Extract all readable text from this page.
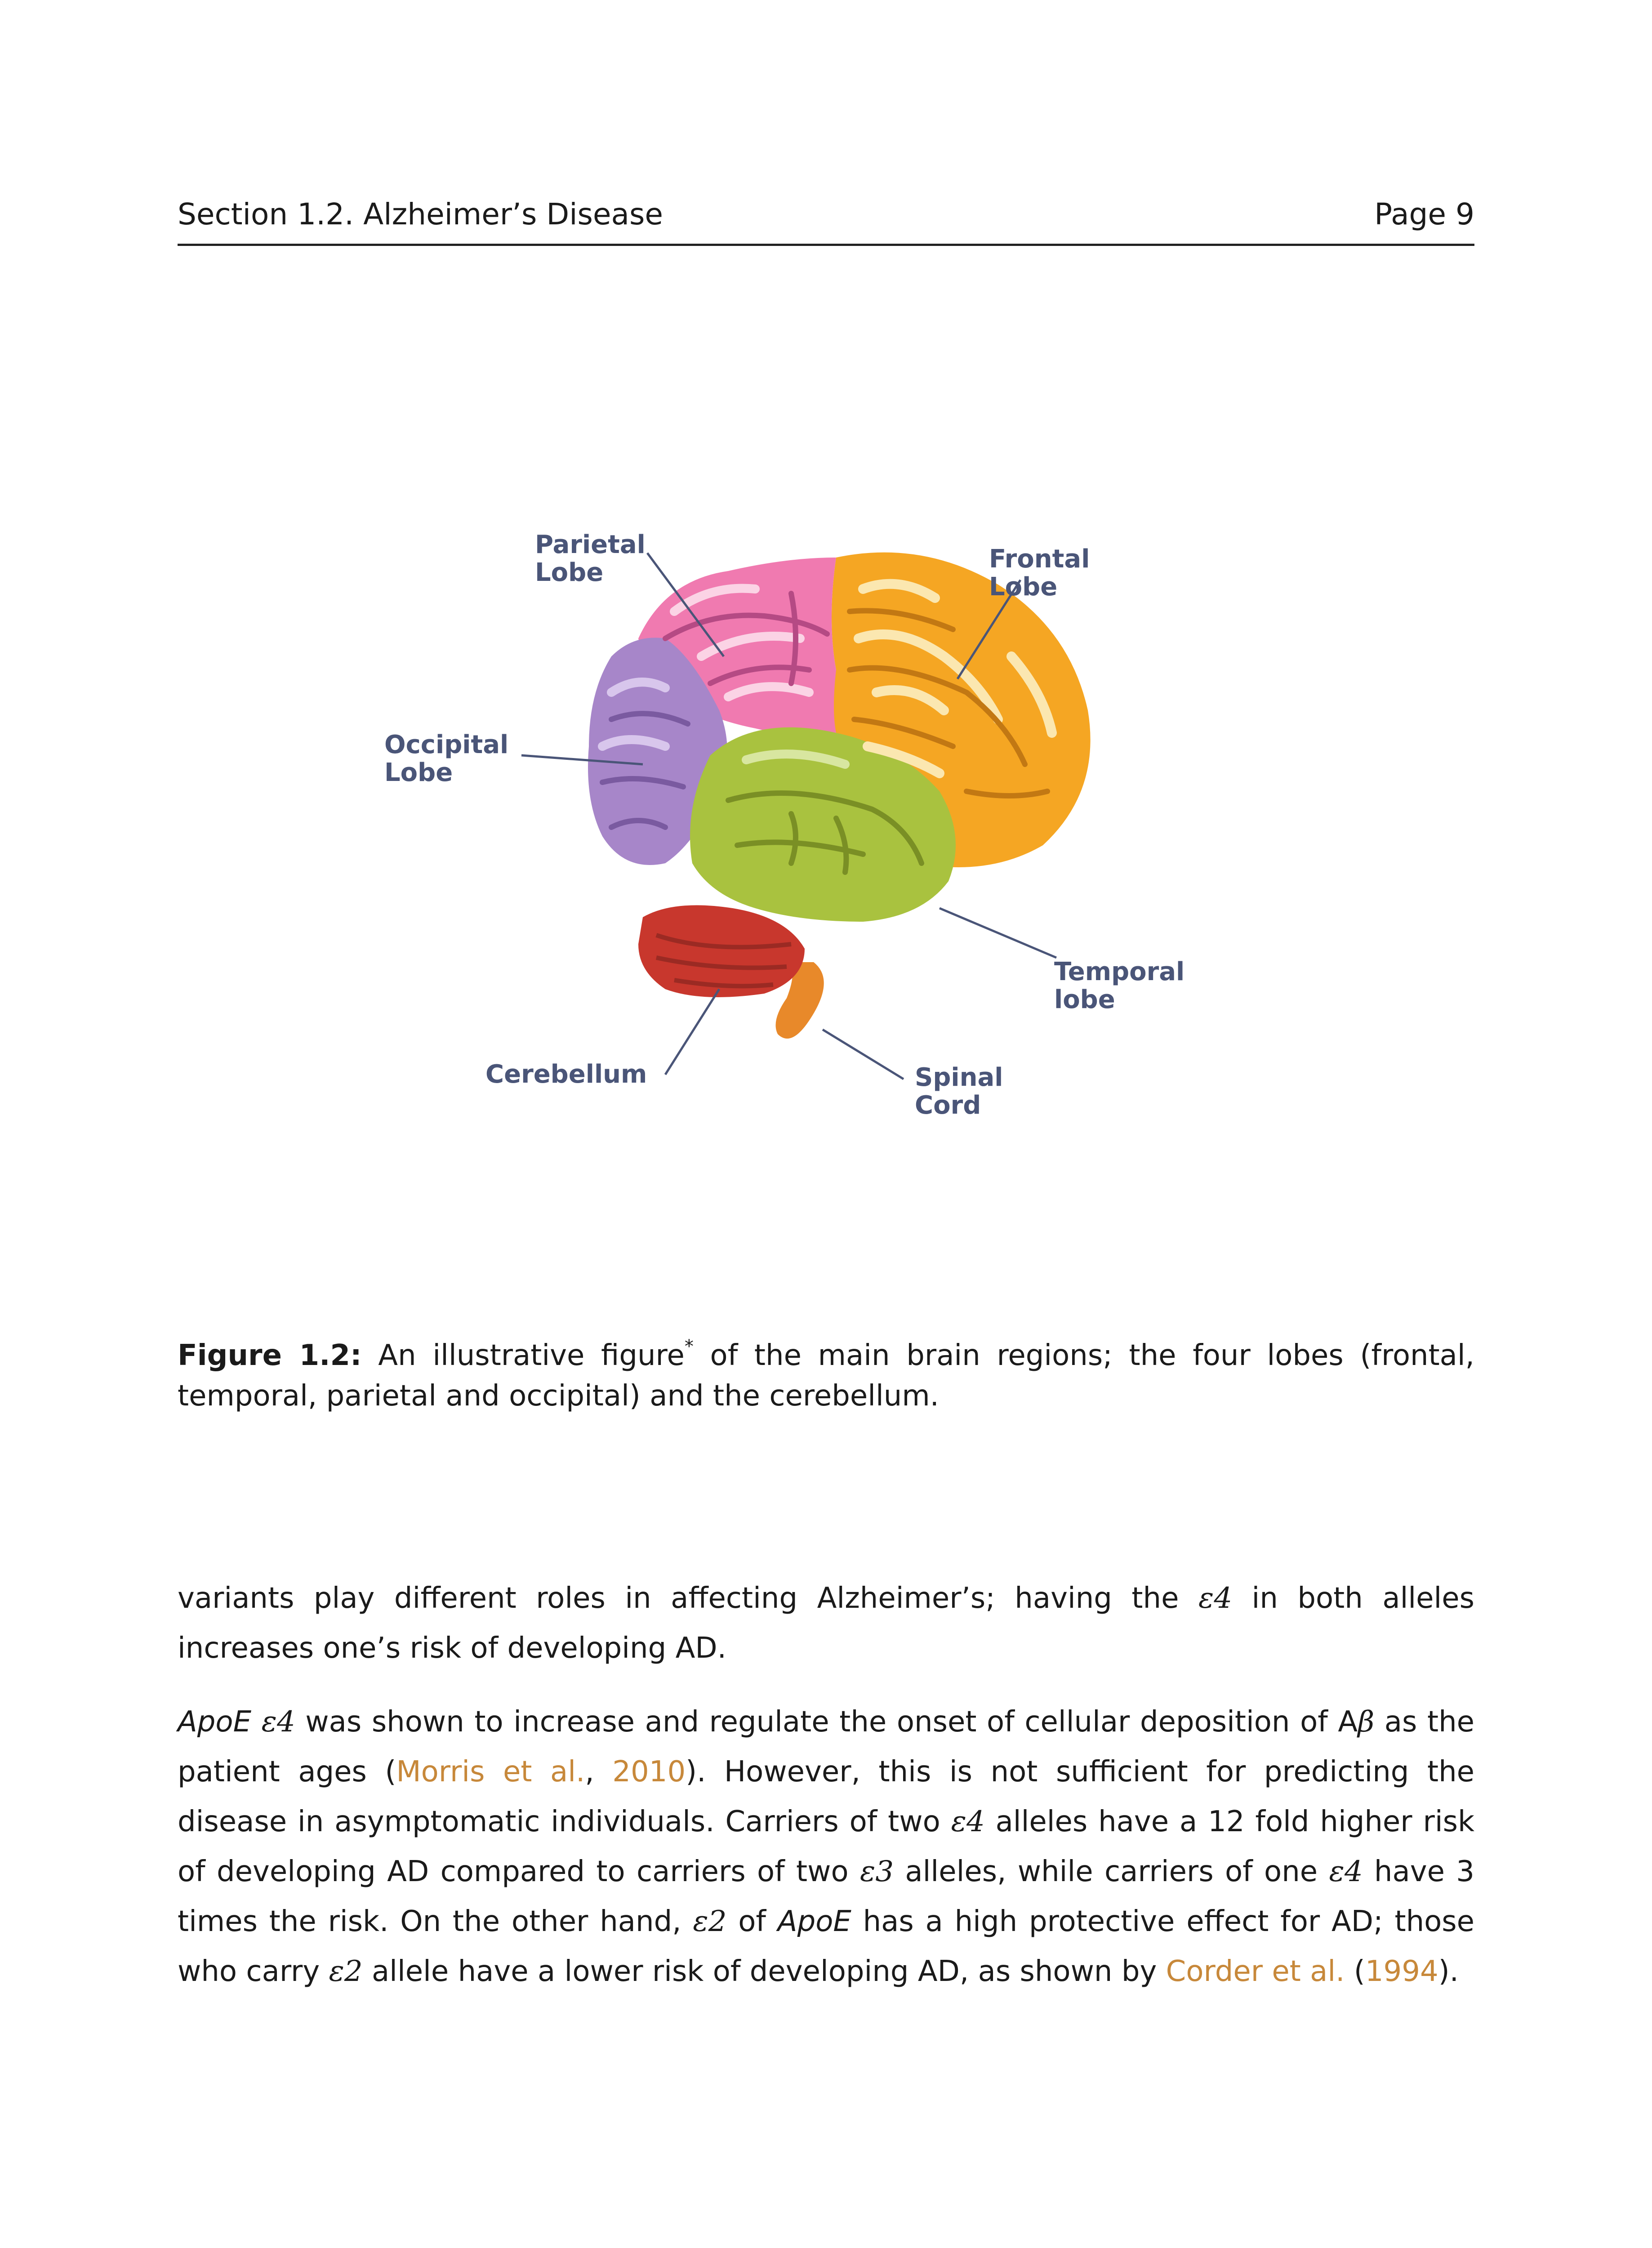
Section 1.2. Alzheimer’s Disease	Page 9
Parietal
Lobe	Frontal
Lobe
Occipital
Lobe
Temporal
lobe
Cerebellum	Spinal
Cord
Figure 1.2: An illustrative figure* of the main brain regions; the four lobes (frontal, temporal, parietal and occipital) and the cerebellum.
variants play different roles in affecting Alzheimer’s; having the ε4 in both alleles increases one’s risk of developing AD.
ApoE ε4 was shown to increase and regulate the onset of cellular deposition of Aβ as the patient ages (Morris et al., 2010). However, this is not sufficient for predicting the disease in asymptomatic individuals. Carriers of two ε4 alleles have a 12 fold higher risk of developing AD compared to carriers of two ε3 alleles, while carriers of one ε4 have 3 times the risk. On the other hand, ε2 of ApoE has a high protective effect for AD; those who carry ε2 allele have a lower risk of developing AD, as shown by Corder et al. (1994).
